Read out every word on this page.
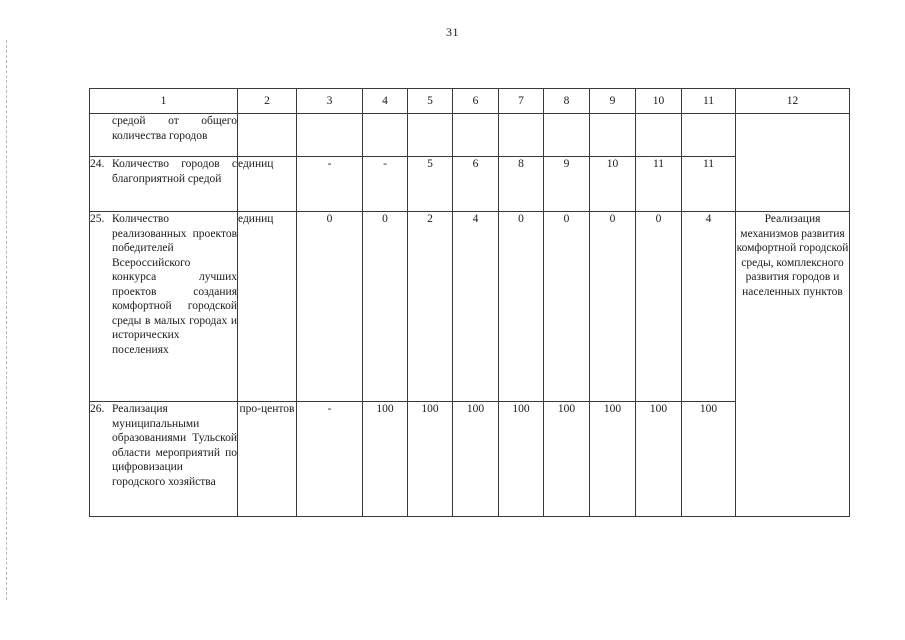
31
1	2	3	4	5	6	7	8	9	10	11	12

средой от общего количества городов											

24. Количество городов с благоприятной средой	единиц	-	-	5	6	8	9	10	11	11	

25. Количество реализованных проектов победителей Всероссийского конкурса лучших проектов создания комфортной городской среды в малых городах и исторических поселениях	единиц	0	0	2	4	0	0	0	0	4	Реализация механизмов развития комфортной городской среды, комплексного развития городов и населенных пунктов

26. Реализация муниципальными образованиями Тульской области мероприятий по цифровизации городского хозяйства	про-центов	-	100	100	100	100	100	100	100	100	
